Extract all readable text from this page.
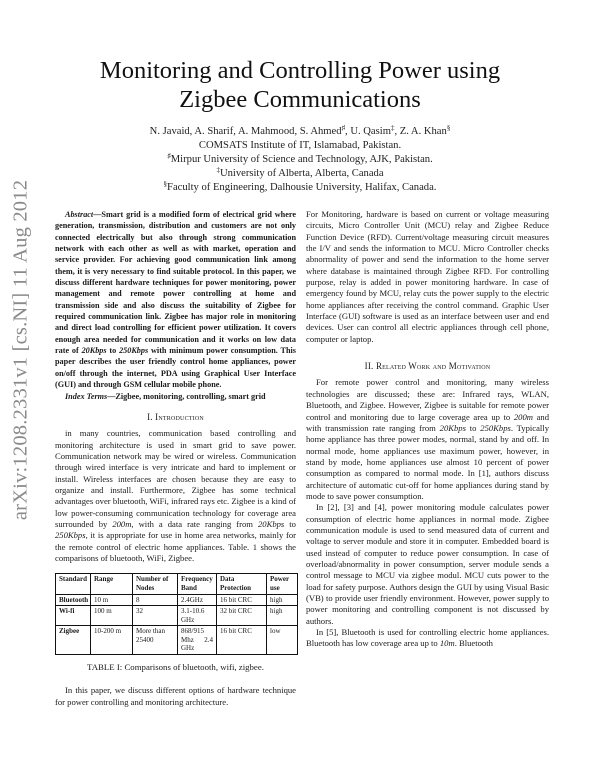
Monitoring and Controlling Power using
Zigbee Communications
N. Javaid, A. Sharif, A. Mahmood, S. Ahmed♯, U. Qasim‡, Z. A. Khan§
COMSATS Institute of IT, Islamabad, Pakistan.
♯Mirpur University of Science and Technology, AJK, Pakistan.
‡University of Alberta, Alberta, Canada
§Faculty of Engineering, Dalhousie University, Halifax, Canada.
arXiv:1208.2331v1 [cs.NI] 11 Aug 2012	Abstract—Smart grid is a modified form of electrical grid where generation, transmission, distribution and customers are not only connected electrically but also through strong communication network with each other as well as with market, operation and service provider. For achieving good communication link among them, it is very necessary to find suitable protocol. In this paper, we discuss different hardware techniques for power monitoring, power management and remote power controlling at home and transmission side and also discuss the suitability of Zigbee for required communication link. Zigbee has major role in monitoring and direct load controlling for efficient power utilization. It covers enough area needed for communication and it works on low data rate of 20Kbps to 250Kbps with minimum power consumption. This paper describes the user friendly control home appliances, power on/off through the internet, PDA using Graphical User Interface (GUI) and through GSM cellular mobile phone.

Index Terms—Zigbee, monitoring, controlling, smart grid

I. Introduction

in many countries, communication based controlling and monitoring architecture is used in smart grid to save power. Communication network may be wired or wireless. Communication through wired interface is very intricate and hard to implement or install. Wireless interfaces are chosen because they are easy to organize and install. Furthermore, Zigbee has some technical advantages over bluetooth, WiFi, infrared rays etc. Zigbee is a kind of low power-consuming communication technology for coverage area surrounded by 200m, with a data rate ranging from 20Kbps to 250Kbps, it is appropriate for use in home area networks, mainly for the remote control of electric home appliances. Table. 1 shows the comparisons of bluetooth, WiFi, Zigbee.

Standard	Range	Number of Nodes	Frequency Band	Data Protection	Power use
Bluetooth	10 m	8	2.4GHz	16 bit CRC	high
Wi-fi	100 m	32	3.1-10.6 GHz	32 bit CRC	high
Zigbee	10-200 m	More than 25400	868/915 Mhz 2.4 GHz	16 bit CRC	low
TABLE I: Comparisons of bluetooth, wifi, zigbee.

In this paper, we discuss different options of hardware technique for power controlling and monitoring architecture.

For Monitoring, hardware is based on current or voltage measuring circuits, Micro Controller Unit (MCU) relay and Zigbee Reduce Function Device (RFD). Current/voltage measuring circuit measures the I/V and sends the information to MCU. Micro Controller checks abnormality of power and send the information to the home server where database is maintained through Zigbee RFD. For controlling purpose, relay is added in power monitoring hardware. In case of emergency found by MCU, relay cuts the power supply to the electric home appliances after receiving the control command. Graphic User Interface (GUI) software is used as an interface between user and end devices. User can control all electric appliances through cell phone, computer or laptop.

II. Related Work and Motivation

For remote power control and monitoring, many wireless technologies are discussed; these are: Infrared rays, WLAN, Bluetooth, and Zigbee. However, Zigbee is suitable for remote power control and monitoring due to large coverage area up to 200m and with transmission rate ranging from 20Kbps to 250Kbps. Typically home appliance has three power modes, normal, stand by and off. In normal mode, home appliances use maximum power, however, in stand by mode, home appliances use almost 10 percent of power consumption as compared to normal mode. In [1], authors discuss architecture of automatic cut-off for home appliances during stand by mode to save power consumption.

In [2], [3] and [4], power monitoring module calculates power consumption of electric home appliances in normal mode. Zigbee communication module is used to send measured data of current and voltage to server module and store it in computer. Embedded board is used instead of computer to reduce power consumption. In case of overload/abnormality in power consumption, server module sends a control message to MCU via zigbee modul. MCU cuts power to the load for safety purpose. Authors design the GUI by using Visual Basic (VB) to provide user friendly environment. However, power supply to power monitoring and controlling component is not discussed by authors.

In [5], Bluetooth is used for controlling electric home appliances. Bluetooth has low coverage area up to 10m. Bluetooth
